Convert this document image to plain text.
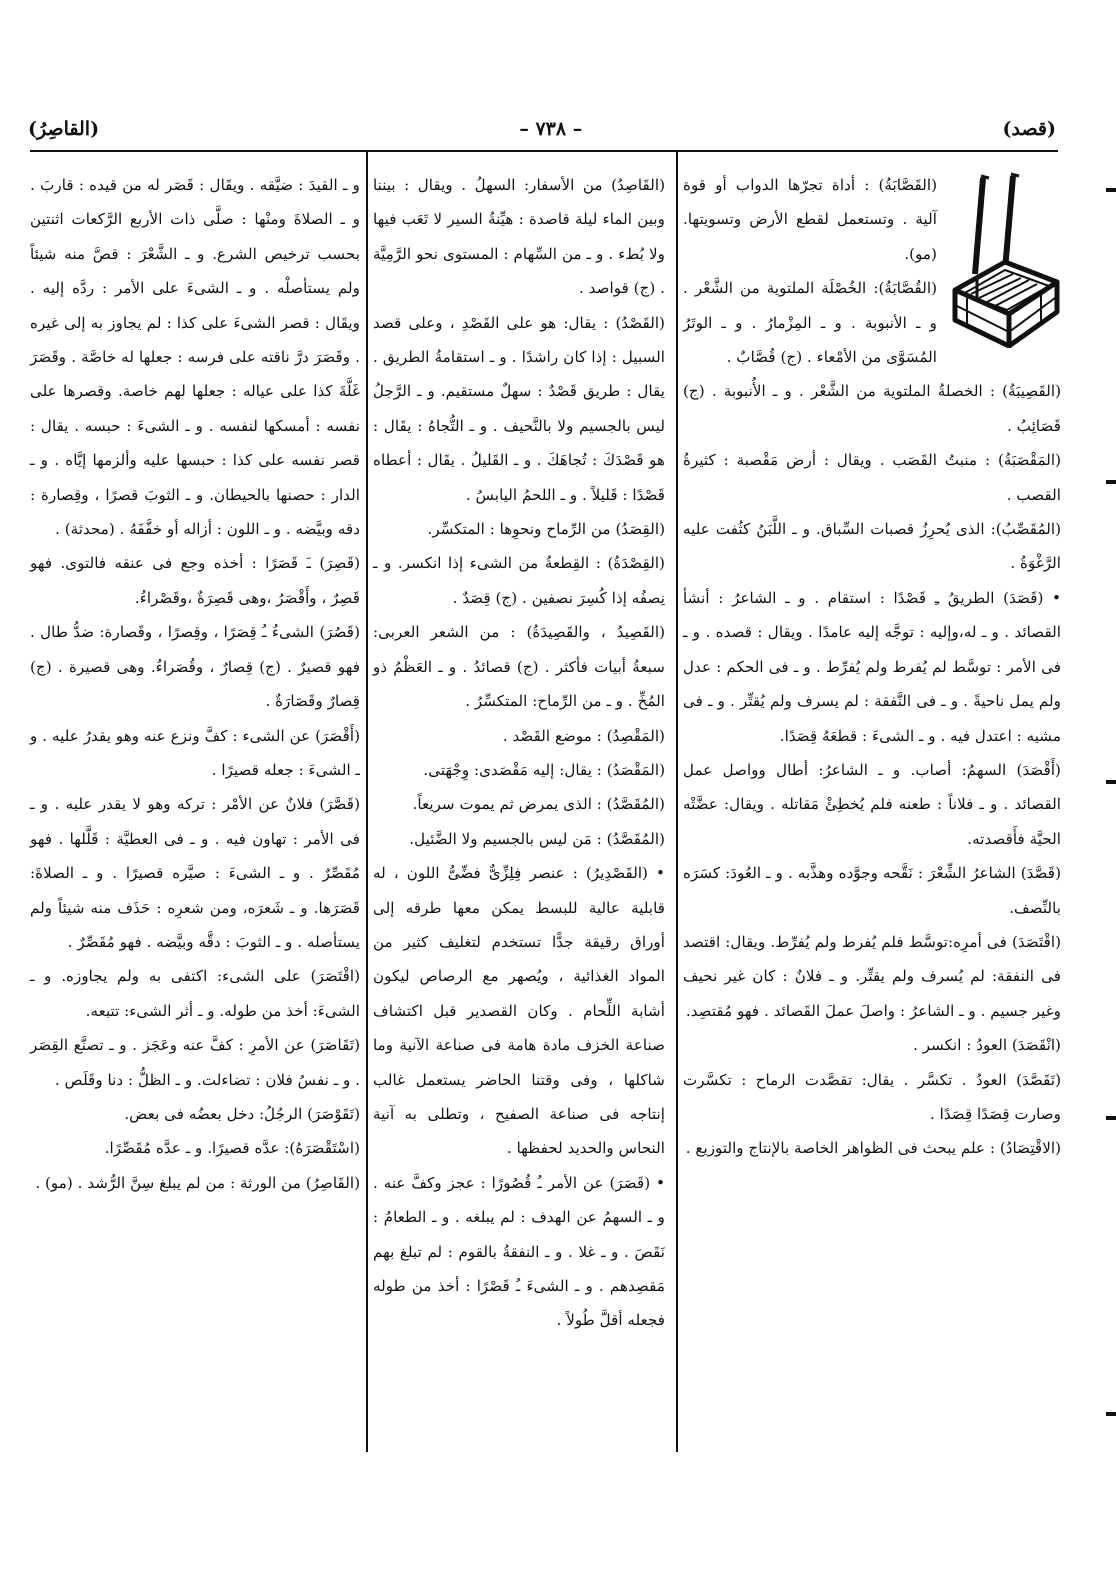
(قصد)
– ٧٣٨ –
(القاصِرُ)

(القَصَّابَةُ) : أداة تجرّها الدواب أو قوة آلية . وتستعمل لقطع الأرض وتسويتها. (مو).

(القُصَّابَةُ): الخُصْلَة الملتوية من الشَّعْر . و ـ الأنبوبة . و ـ المِزْمارُ . و ـ الوتَرُ المُسَوَّى من الأمْعاء . (ج) قُصَّابٌ .

(القَصِيبَةُ) : الخصلةُ الملتوية من الشَّعْر . و ـ الأُنبوبة . (ج) قَصَائِبُ .

(المَقْصَبَةُ) : منبتُ القَصَب . ويقال : أرض مَقْصبة : كثيرةُ القصب .

(المُقَصِّبُ): الذى يُحرِزُ قصبات السِّباق. و ـ اللَّبَنُ كثُفت عليه الرَّغْوَةُ .

• (قَصَدَ) الطريقُ ـِ قَصْدًا : استقام . و ـ الشاعرُ : أنشأ القصائد . و ـ له،وإليه : توجَّه إليه عامدًا . ويقال : قصده . و ـ فى الأمر : توسَّط لم يُفرط ولم يُفرِّط . و ـ فى الحكم : عدل ولم يمل ناحيةً . و ـ فى النَّفقة : لم يسرف ولم يُقتِّر . و ـ فى مشيه : اعتدل فيه . و ـ الشىءَ : قطعَهُ قِصَدًا.

(أَقْصَدَ) السهمُ: أصاب. و ـ الشاعرُ: أطال وواصل عمل القصائد . و ـ فلاناً : طعنه فلم يُخطِئْ مَقاتله . ويقال: عضَّتْه الحيَّة فأَقصدته.

(قَصَّدَ) الشاعرُ الشِّعْرَ : نَقَّحه وجوَّده وهذَّبه . و ـ العُودَ: كسَرَه بالنِّصف.

(اقْتَصَدَ) فى أمرِه:توسَّط فلم يُفرط ولم يُفرِّط. ويقال: اقتصد فى النفقة: لم يُسرف ولم يقتِّر. و ـ فلانٌ : كان غير نحيف وغير جسيم . و ـ الشاعرُ : واصلَ عملَ القَصائد . فهو مُقتصِد.

(انْقَصَدَ) العودُ : انكسر .

(تَقَصَّدَ) العودُ . تكسَّر . يقال: تقصَّدت الرماح : تكسَّرت وصارت قِصَدًا قِصَدًا .

(الاقْتِصَادُ) : علم يبحث فى الظواهر الخاصة بالإنتاج والتوزيع .

(القَاصِدُ) من الأسفار: السهلُ . ويقال : بيننا وبين الماء ليلة قاصدة : هيِّنةُ السير لا تَعَب فيها ولا بُطء . و ـ من السِّهام : المستوى نحو الرَّمِيَّة . (ج) قواصد .

(القَصْدُ) : يقال: هو على القَصْدِ ، وعلى قصد السبيل : إذا كان راشدًا . و ـ استقامةُ الطريق . يقال : طريق قَصْدٌ : سهلٌ مستقيم. و ـ الرَّجلُ ليس بالجسيم ولا بالنَّحيف . و ـ التُّجاهُ : يقَال : هو قَصْدَكَ : تُجاهَكَ . و ـ القَليلُ . يقَال : أعطاه قَصْدًا : قَليلاً . و ـ اللحمُ اليابسُ .

(القِصَدُ) من الرِّماح ونحوِها : المتكسِّر.

(القِصْدَةُ) : القِطعةُ من الشىء إذا انكسر. و ـ نِصفُه إذا كُسِرَ نصفين . (ج) قِصَدٌ .

(القَصِيدُ ، والقَصِيدَةُ) : من الشعر العربى: سبعةُ أبيات فأكثر . (ج) قصائدُ . و ـ العَظْمُ ذو المُخِّ . و ـ من الرِّماح: المتكسِّرُ .

(المَقْصِدُ) : موضع القَصْد .

(المَقْصَدُ) : يقال: إليه مَقْصَدى: وِجْهَتى.

(المُقَصَّدُ) : الذى يمرض ثم يموت سريعاً.

(المُقَصَّدُ) : مَن ليس بالجسيم ولا الضَّئيل.

• (القَصْدِيرُ) : عنصر فِلِزِّىٌّ فضِّىُّ اللون ، له قابلية عالية للبسط يمكن معها طرقه إلى أوراق رقيقة جدًّا تستخدم لتغليف كثير من المواد الغذائية ، ويُصهر مع الرصاص ليكون أشابة اللِّحام . وكان القصدير قبل اكتشاف صناعة الخزف مادة هامة فى صناعة الآنية وما شاكلها ، وفى وقتنا الحاضر يستعمل غالب إنتاجه فى صناعة الصفيح ، وتطلى به آنية النحاس والحديد لحفظها .

• (قَصَرَ) عن الأمر ـُ قُصُورًا : عجز وكفَّ عنه . و ـ السهمُ عن الهدف : لم يبلغه . و ـ الطعامُ : نَقَصَ . و ـ غلا . و ـ النفقةُ بالقوم : لم تبلغ بهم مَقصِدهم . و ـ الشىءَ ـُ قَصْرًا : أخذ من طوله فجعله أقلَّ طُولاً .

و ـ القيدَ : ضيَّقه . ويقَال : قَصَر له من قيده : قاربَ . و ـ الصلاةَ ومنْها : صلَّى ذات الأربع الرَّكعات اثنتين بحسب ترخيص الشرع. و ـ الشَّعْرَ : قصَّ منه شيئاً ولم يستأصلْه . و ـ الشىءَ على الأمر : ردَّه إليه . ويقَال : قصر الشىءَ على كذا : لم يجاوز به إلى غيره . وقَصَرَ درَّ ناقته على فرسه : جعلها له خاصَّة . وقَصَرَ غَلَّةَ كذا على عياله : جعلها لهم خاصة. وقصرها على نفسه : أمسكها لنفسه . و ـ الشىءَ : حبسه . يقال : قصر نفسه على كذا : حبسها عليه وألزمها إيَّاه . و ـ الدار : حصنها بالحيطان. و ـ الثوبَ قصرًا ، وقِصارة : دقه وبيَّضه . و ـ اللون : أزاله أو خفَّفَهُ . (محدثة) .

(قَصِرَ) ـَ قَصَرًا : أخذه وجع فى عنقه فالتوى. فهو قَصِرٌ ، وأَقْصَرُ ،وهى قَصِرَةٌ ،وقَصْراءُ.

(قَصُرَ) الشىءُ ـُ قِصَرًا ، وقِصرًا ، وقَصارة: ضدُّ طال . فهو قصيرٌ . (ج) قِصارٌ ، وقُصَراءُ. وهى قصيرة . (ج) قِصارٌ وقَصَارَةٌ .

(أَقْصَرَ) عن الشىء : كفَّ ونزع عنه وهو يقدرُ عليه . و ـ الشىءَ : جعله قصيرًا .

(قَصَّرَ) فلانٌ عن الأمْر : تركه وهو لا يقدر عليه . و ـ فى الأمر : تهاون فيه . و ـ فى العطيَّة : قَلَّلها . فهو مُقَصِّرٌ . و ـ الشىءَ : صيَّره قصيرًا . و ـ الصلاةَ: قَصَرَها. و ـ شَعرَه، ومن شعرِه : حَذَف منه شيئاً ولم يستأصله . و ـ الثوبَ : دقَّه وبيَّضه . فهو مُقَصِّرٌ .

(اقْتَصَرَ) على الشىء: اكتفى به ولم يجاوزه. و ـ الشىءَ: أخذ من طوله. و ـ أثر الشىء: تتبعه.

(تَقَاصَرَ) عن الأمرِ : كفَّ عنه وعَجَز . و ـ تصنَّع القِصَر . و ـ نفسُ فلان : تضاءلت. و ـ الظلُّ : دنا وقَلَص .

(تَقَوْصَرَ) الرجُلُ: دخل بعضُه فى بعض.

(اسْتَقْصَرَهُ): عدَّه قصيرًا. و ـ عدَّه مُقَصِّرًا.

(القَاصِرُ) من الورثة : من لم يبلغ سِنَّ الرُّشد . (مو) .
